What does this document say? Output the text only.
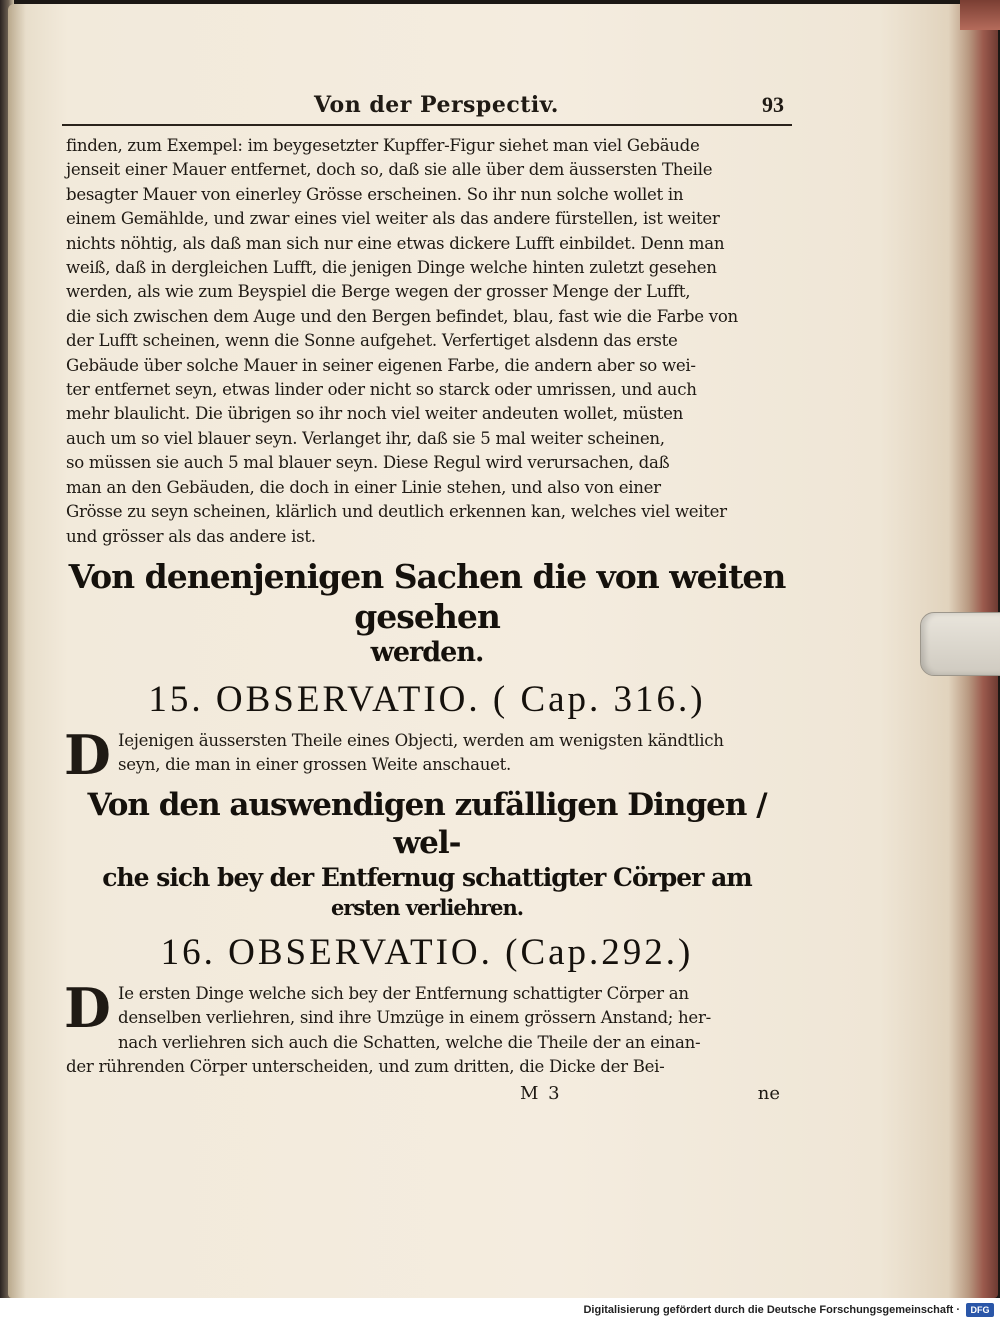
Von der Perspectiv.	93
finden, zum Exempel: im beygesetzter Kupffer-Figur siehet man viel Gebäude
jenseit einer Mauer entfernet, doch so, daß sie alle über dem äussersten Theile
besagter Mauer von einerley Grösse erscheinen. So ihr nun solche wollet in
einem Gemählde, und zwar eines viel weiter als das andere fürstellen, ist weiter
nichts nöhtig, als daß man sich nur eine etwas dickere Lufft einbildet. Denn man
weiß, daß in dergleichen Lufft, die jenigen Dinge welche hinten zuletzt gesehen
werden, als wie zum Beyspiel die Berge wegen der grosser Menge der Lufft,
die sich zwischen dem Auge und den Bergen befindet, blau, fast wie die Farbe von
der Lufft scheinen, wenn die Sonne aufgehet. Verfertiget alsdenn das erste
Gebäude über solche Mauer in seiner eigenen Farbe, die andern aber so wei-
ter entfernet seyn, etwas linder oder nicht so starck oder umrissen, und auch
mehr blaulicht. Die übrigen so ihr noch viel weiter andeuten wollet, müsten
auch um so viel blauer seyn. Verlanget ihr, daß sie 5 mal weiter scheinen,
so müssen sie auch 5 mal blauer seyn. Diese Regul wird verursachen, daß
man an den Gebäuden, die doch in einer Linie stehen, und also von einer
Grösse zu seyn scheinen, klärlich und deutlich erkennen kan, welches viel weiter
und grösser als das andere ist.
Von denenjenigen Sachen die von weiten gesehen
werden.
15. OBSERVATIO. ( Cap. 316.)
D Iejenigen äussersten Theile eines Objecti, werden am wenigsten kändtlich
seyn, die man in einer grossen Weite anschauet.
Von den auswendigen zufälligen Dingen / wel-
che sich bey der Entfernug schattigter Cörper am
ersten verliehren.
16. OBSERVATIO. (Cap.292.)
D Ie ersten Dinge welche sich bey der Entfernung schattigter Cörper an
denselben verliehren, sind ihre Umzüge in einem grössern Anstand; her-
nach verliehren sich auch die Schatten, welche die Theile der an einan-
der rührenden Cörper unterscheiden, und zum dritten, die Dicke der Bei-
M 3	ne
Digitalisierung gefördert durch die Deutsche Forschungsgemeinschaft ·	DFG
